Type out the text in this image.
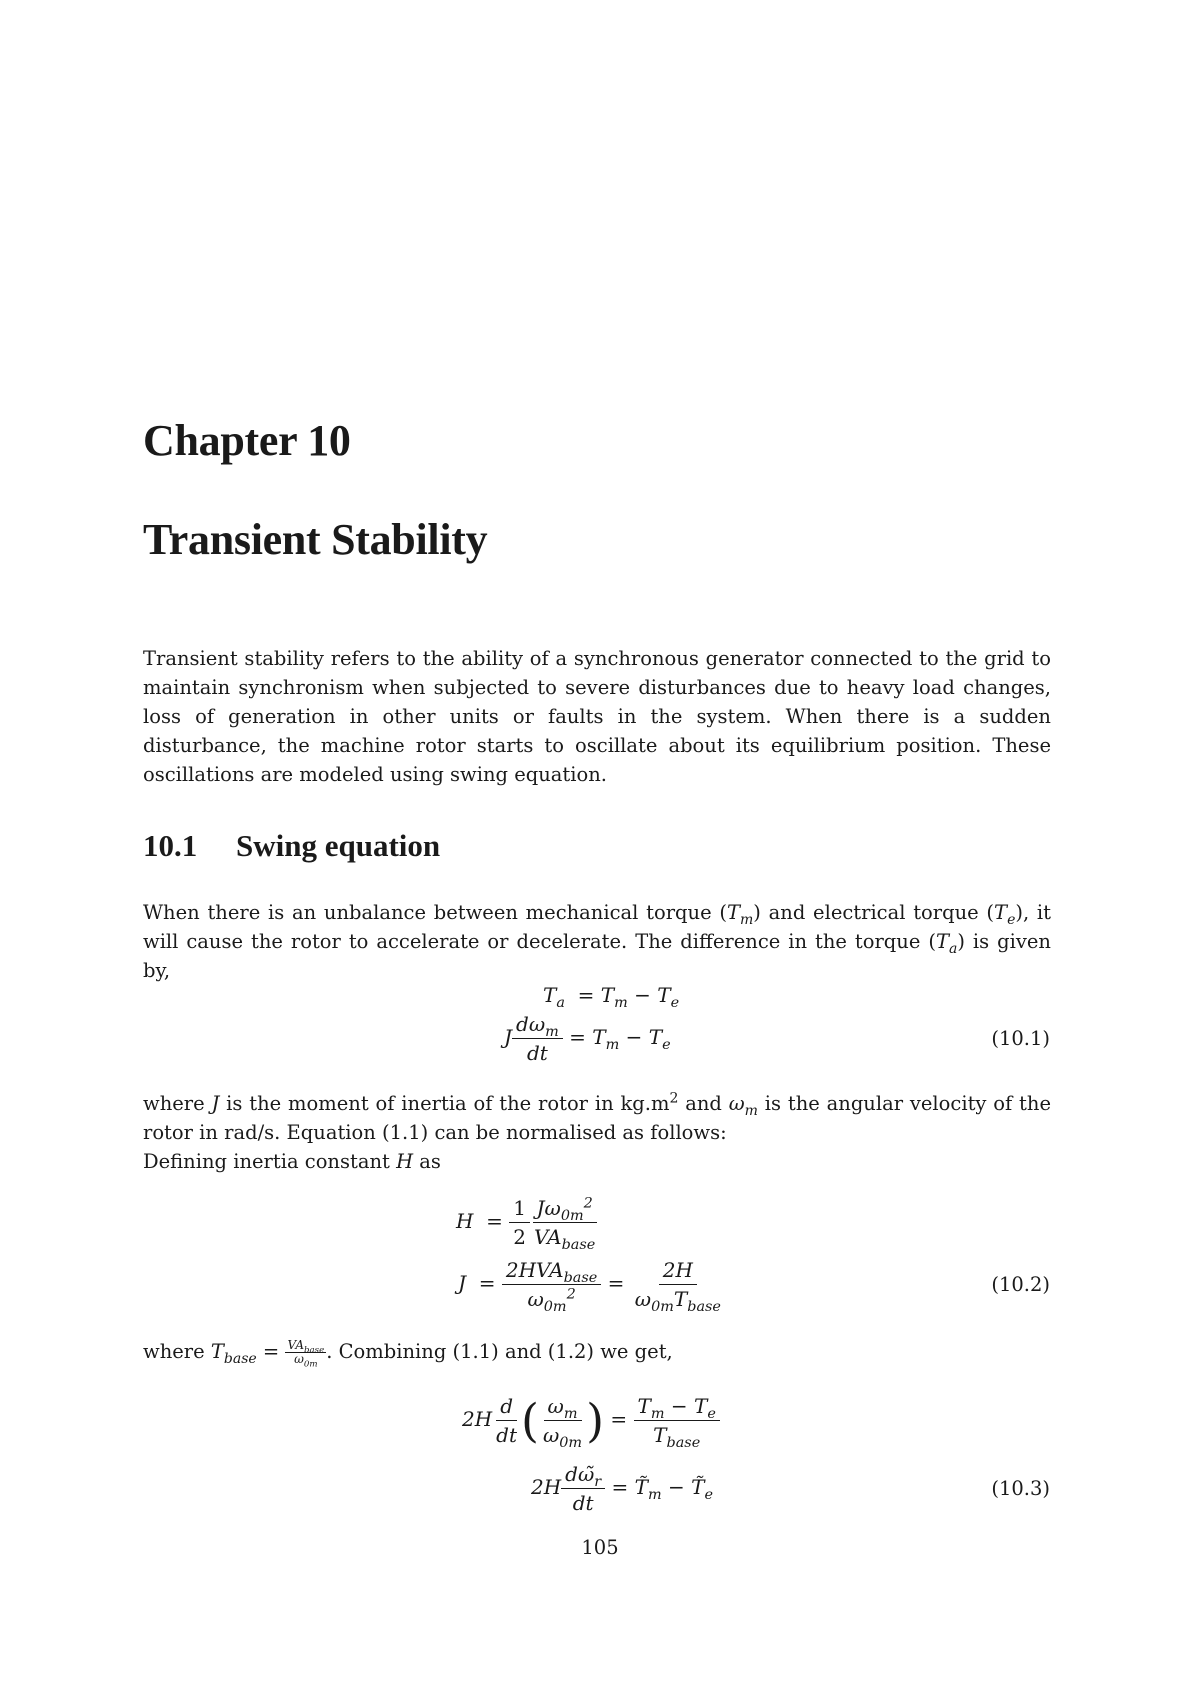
Chapter 10
Transient Stability
Transient stability refers to the ability of a synchronous generator connected to the grid to maintain synchronism when subjected to severe disturbances due to heavy load changes, loss of generation in other units or faults in the system. When there is a sudden disturbance, the machine rotor starts to oscillate about its equilibrium position. These oscillations are modeled using swing equation.
10.1 Swing equation
When there is an unbalance between mechanical torque $(T_m)$ and electrical torque $(T_e)$, it will cause the rotor to accelerate or decelerate. The difference in the torque $(T_a)$ is given by,
$T_a = T_m - T_e$
J $\frac{d\omega_m}{dt} = T_m - T_e$	(10.1)
where J is the moment of inertia of the rotor in $kg.m^2$ and $\omega_m$ is the angular velocity of the rotor in rad/s. Equation (1.1) can be normalised as follows:
Defining inertia constant H as
$H = \frac{1}{2} \frac{J\omega_{0m}^2}{VA_{base}}$
$J = \frac{2HVA_{base}}{\omega_{0m}^2} = \frac{2H}{\omega_{0m}T_{base}}$	(10.2)
where $T_{base} = \frac{VA_{base}}{\omega_{0m}}$ . Combining (1.1) and (1.2) we get,
$2H \frac{d}{dt}$ ( $\frac{\omega_m}{\omega_{0m}}$ ) = $\frac{T_m - T_e}{T_{base}}$
$2H \frac{d\omegã_r}{dt}$ = $T̃_m$ − $T̃_e$	(10.3)
105
